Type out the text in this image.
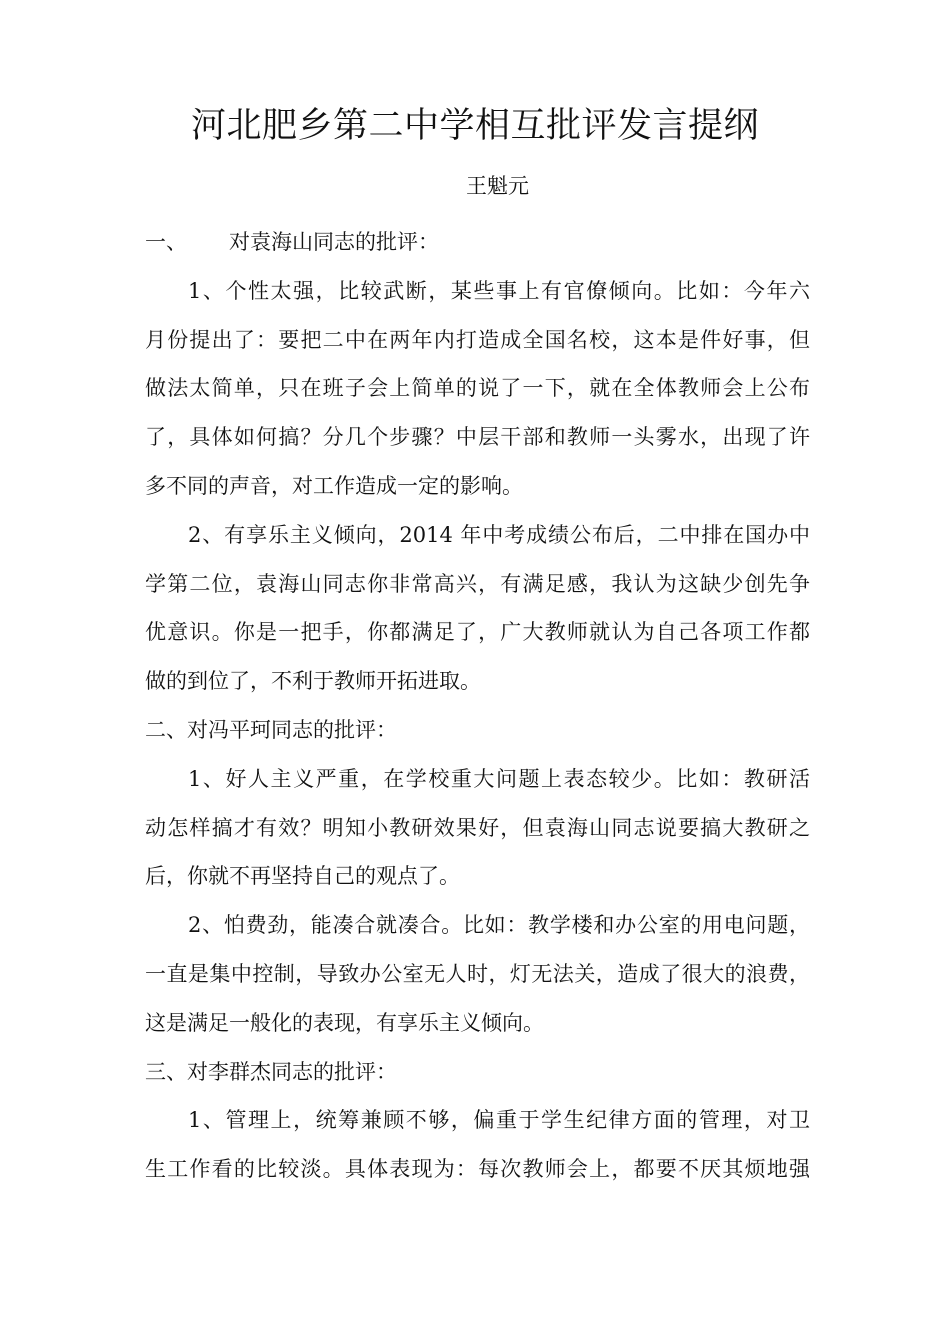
河北肥乡第二中学相互批评发言提纲
王魁元
一、 对袁海山同志的批评：
1、个性太强，比较武断，某些事上有官僚倾向。比如：今年六
月份提出了：要把二中在两年内打造成全国名校，这本是件好事，但
做法太简单，只在班子会上简单的说了一下，就在全体教师会上公布
了，具体如何搞？分几个步骤？中层干部和教师一头雾水，出现了许
多不同的声音，对工作造成一定的影响。
2、有享乐主义倾向，2014 年中考成绩公布后，二中排在国办中
学第二位，袁海山同志你非常高兴，有满足感，我认为这缺少创先争
优意识。你是一把手，你都满足了，广大教师就认为自己各项工作都
做的到位了，不利于教师开拓进取。
二、对冯平珂同志的批评：
1、好人主义严重，在学校重大问题上表态较少。比如：教研活
动怎样搞才有效？明知小教研效果好，但袁海山同志说要搞大教研之
后，你就不再坚持自己的观点了。
2、怕费劲，能凑合就凑合。比如：教学楼和办公室的用电问题，
一直是集中控制，导致办公室无人时，灯无法关，造成了很大的浪费，
这是满足一般化的表现，有享乐主义倾向。
三、对李群杰同志的批评：
1、管理上，统筹兼顾不够，偏重于学生纪律方面的管理，对卫
生工作看的比较淡。具体表现为：每次教师会上，都要不厌其烦地强
